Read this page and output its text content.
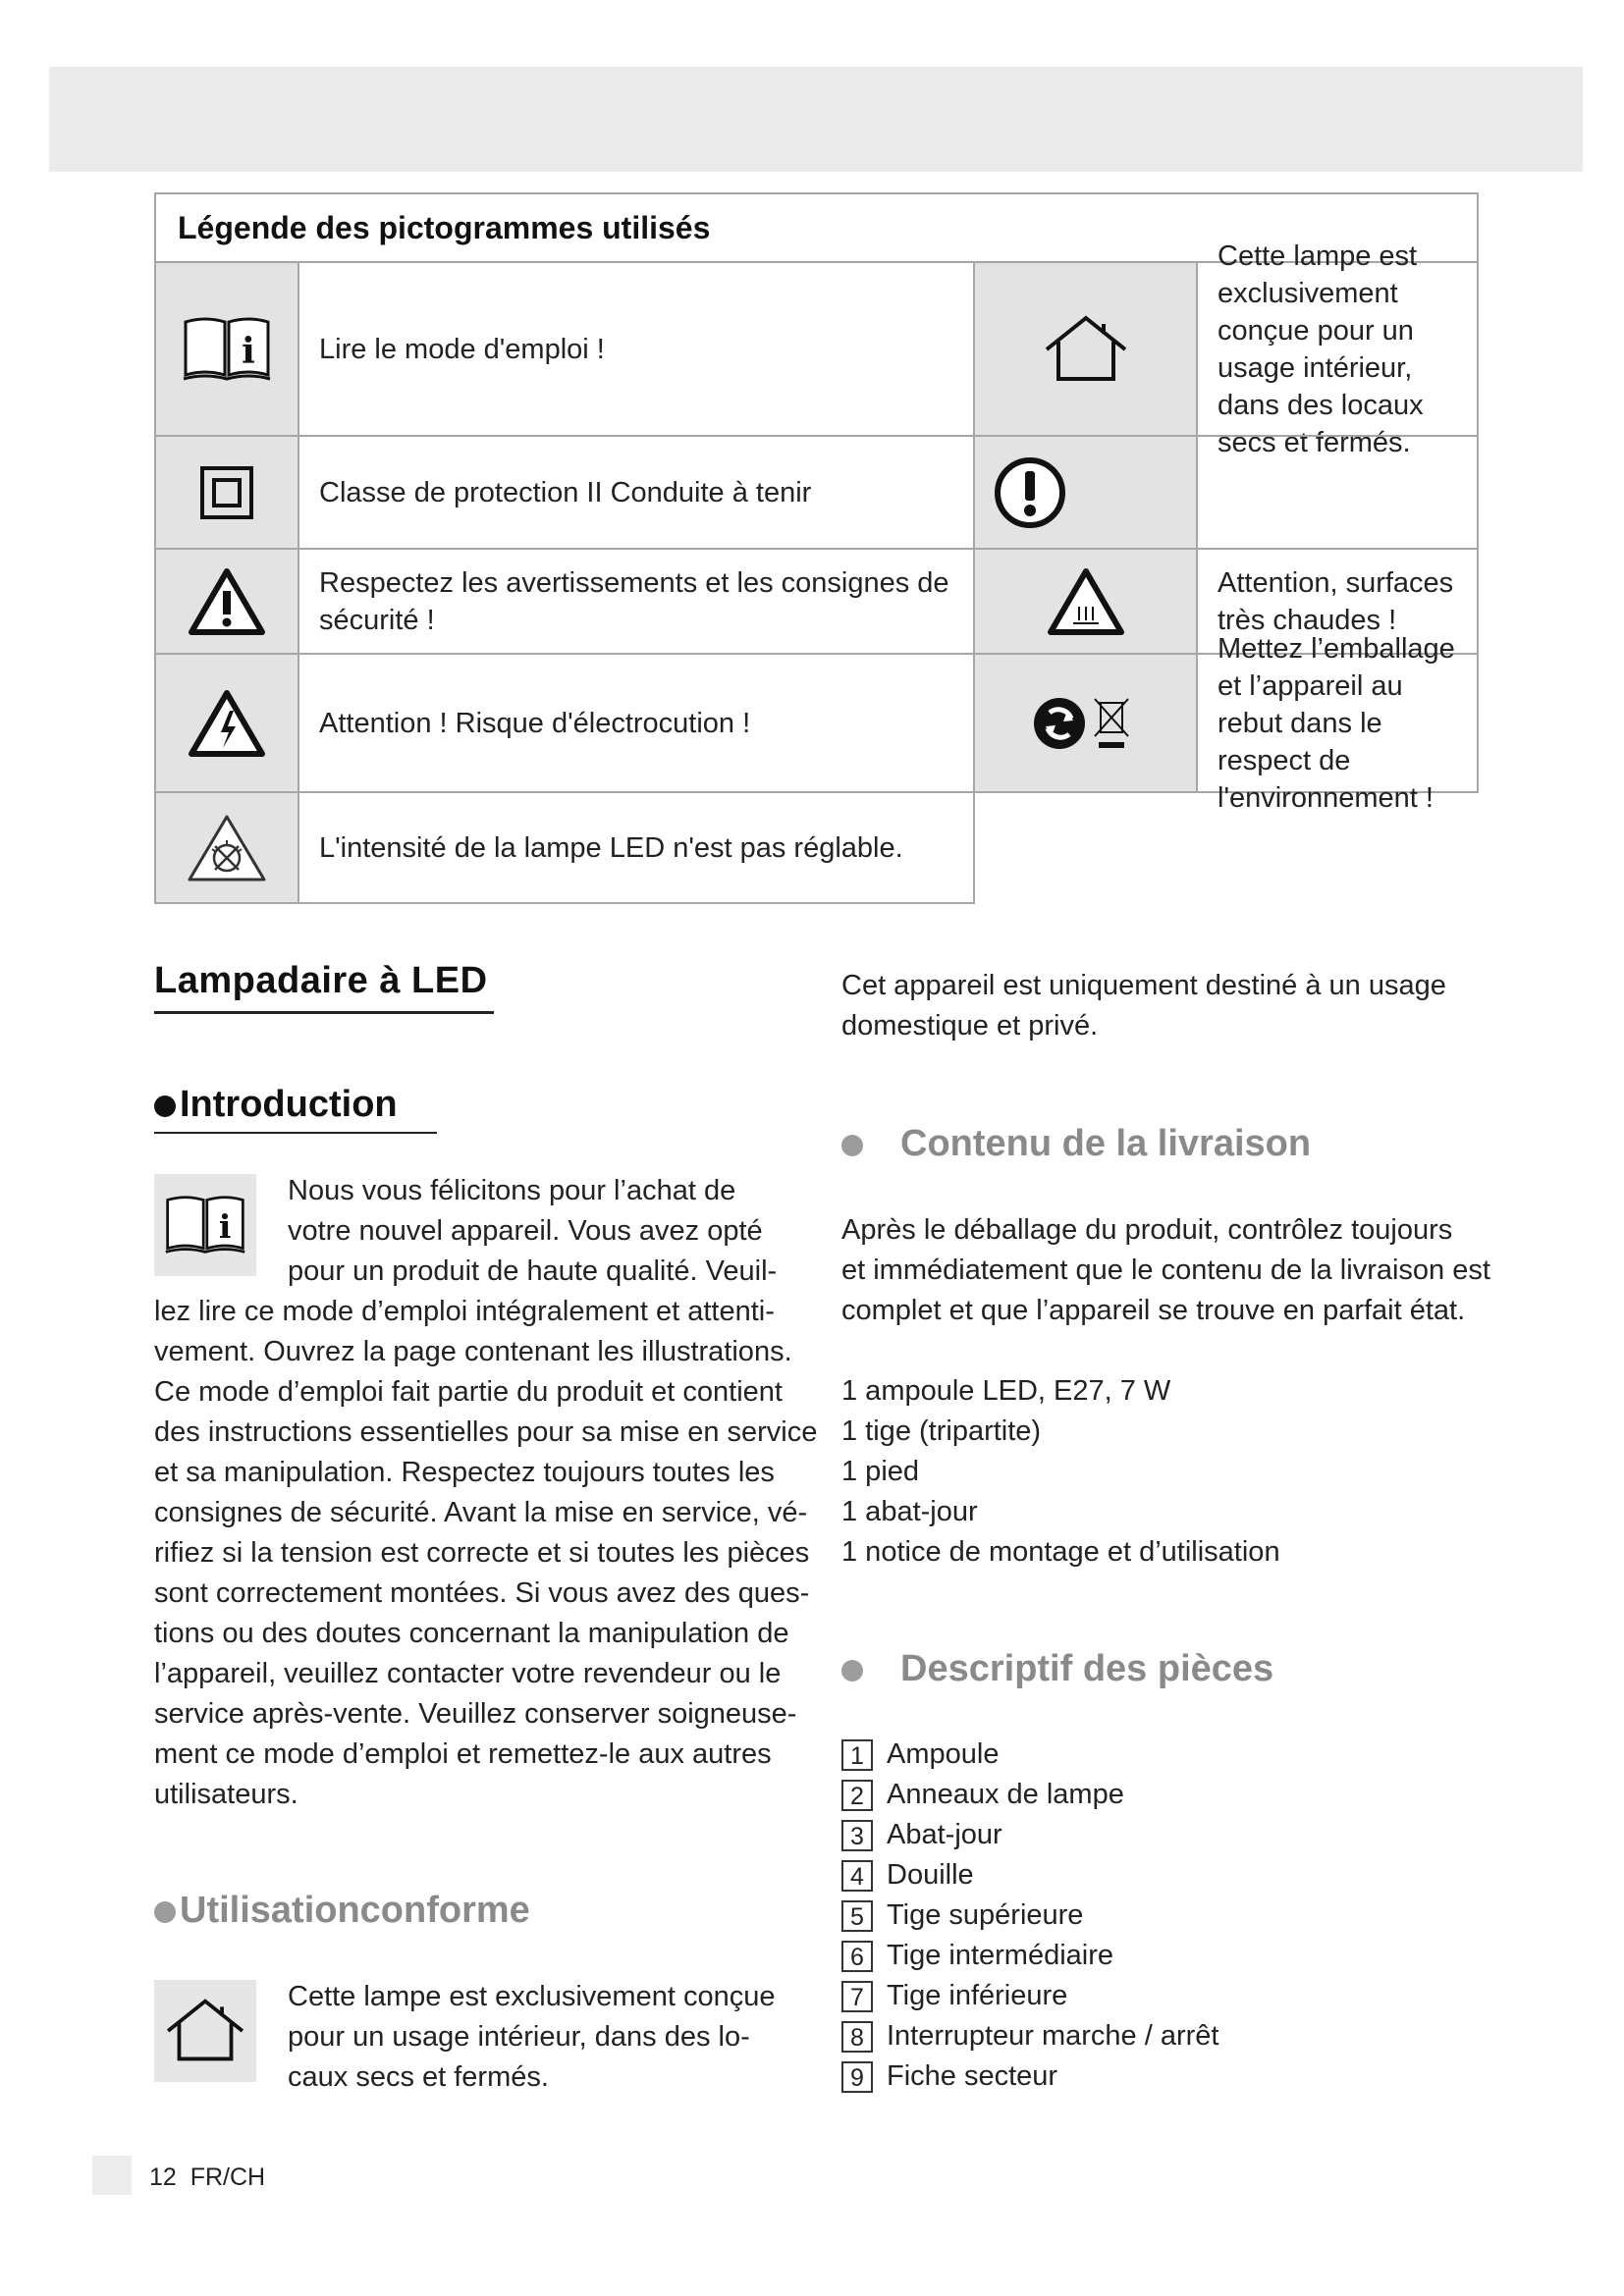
Légende des pictogrammes utilisés
i	Lire le mode d'emploi !
Cette lampe est exclusivement conçue pour un usage intérieur, dans des locaux secs et fermés.
Classe de protection II Conduite à tenir
Respectez les avertissements et les consignes de sécurité !
Attention, surfaces très chaudes !
Attention ! Risque d'électrocution !
Mettez l’emballage et l’appareil au rebut dans le respect de l'environnement !
L'intensité de la lampe LED n'est pas réglable.
Lampadaire à LED
Introduction
i

Nous vous félicitons pour l’achat de

votre nouvel appareil. Vous avez opté

pour un produit de haute qualité. Veuil-

lez lire ce mode d’emploi intégralement et attenti-

vement. Ouvrez la page contenant les illustrations.

Ce mode d’emploi fait partie du produit et contient

des instructions essentielles pour sa mise en service

et sa manipulation. Respectez toujours toutes les

consignes de sécurité. Avant la mise en service, vé-

rifiez si la tension est correcte et si toutes les pièces

sont correctement montées. Si vous avez des ques-

tions ou des doutes concernant la manipulation de

l’appareil, veuillez contacter votre revendeur ou le

service après-vente. Veuillez conserver soigneuse-

ment ce mode d’emploi et remettez-le aux autres

utilisateurs.

Utilisationconforme

Cette lampe est exclusivement conçue

pour un usage intérieur, dans des lo-

caux secs et fermés.

Cet appareil est uniquement destiné à un usage

domestique et privé.

Contenu de la livraison

Après le déballage du produit, contrôlez toujours

et immédiatement que le contenu de la livraison est

complet et que l’appareil se trouve en parfait état.

1 ampoule LED, E27, 7 W

1 tige (tripartite)

1 pied

1 abat-jour

1 notice de montage et d’utilisation

Descriptif des pièces
1 Ampoule
2 Anneaux de lampe
3 Abat-jour
4 Douille
5 Tige supérieure
6 Tige intermédiaire
7 Tige inférieure
8 Interrupteur marche / arrêt
9 Fiche secteur
12 FR/CH
